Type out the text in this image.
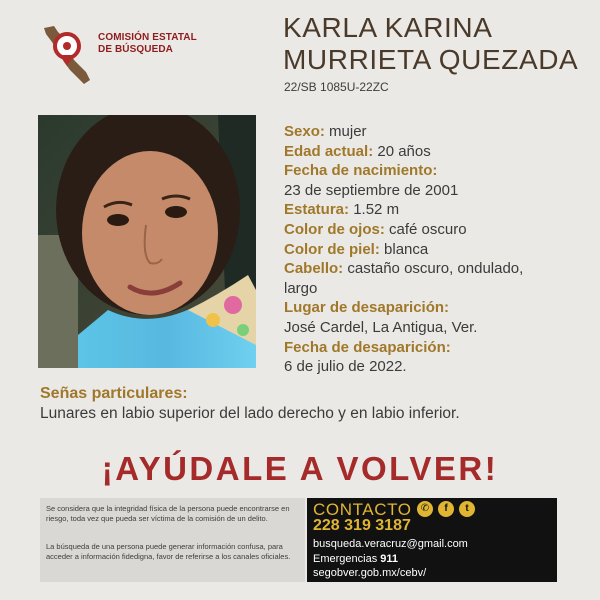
COMISIÓN ESTATAL
DE BÚSQUEDA
KARLA KARINA
MURRIETA QUEZADA
22/SB 1085U-22ZC
Sexo: mujer
Edad actual: 20 años
Fecha de nacimiento:
23 de septiembre de 2001
Estatura: 1.52 m
Color de ojos: café oscuro
Color de piel: blanca
Cabello: castaño oscuro, ondulado,
largo
Lugar de desaparición:
José Cardel, La Antigua, Ver.
Fecha de desaparición:
6 de julio de 2022.
Señas particulares:
Lunares en labio superior del lado derecho y en labio inferior.
¡AYÚDALE A VOLVER!

Se considera que la integridad física de la persona puede encontrarse en riesgo, toda vez que pueda ser víctima de la comisión de un delito.

La búsqueda de una persona puede generar información confusa, para acceder a información fidedigna, favor de referirse a los canales oficiales.

CONTACTO ✆	f	t
228 319 3187
busqueda.veracruz@gmail.com
Emergencias 911
segobver.gob.mx/cebv/
